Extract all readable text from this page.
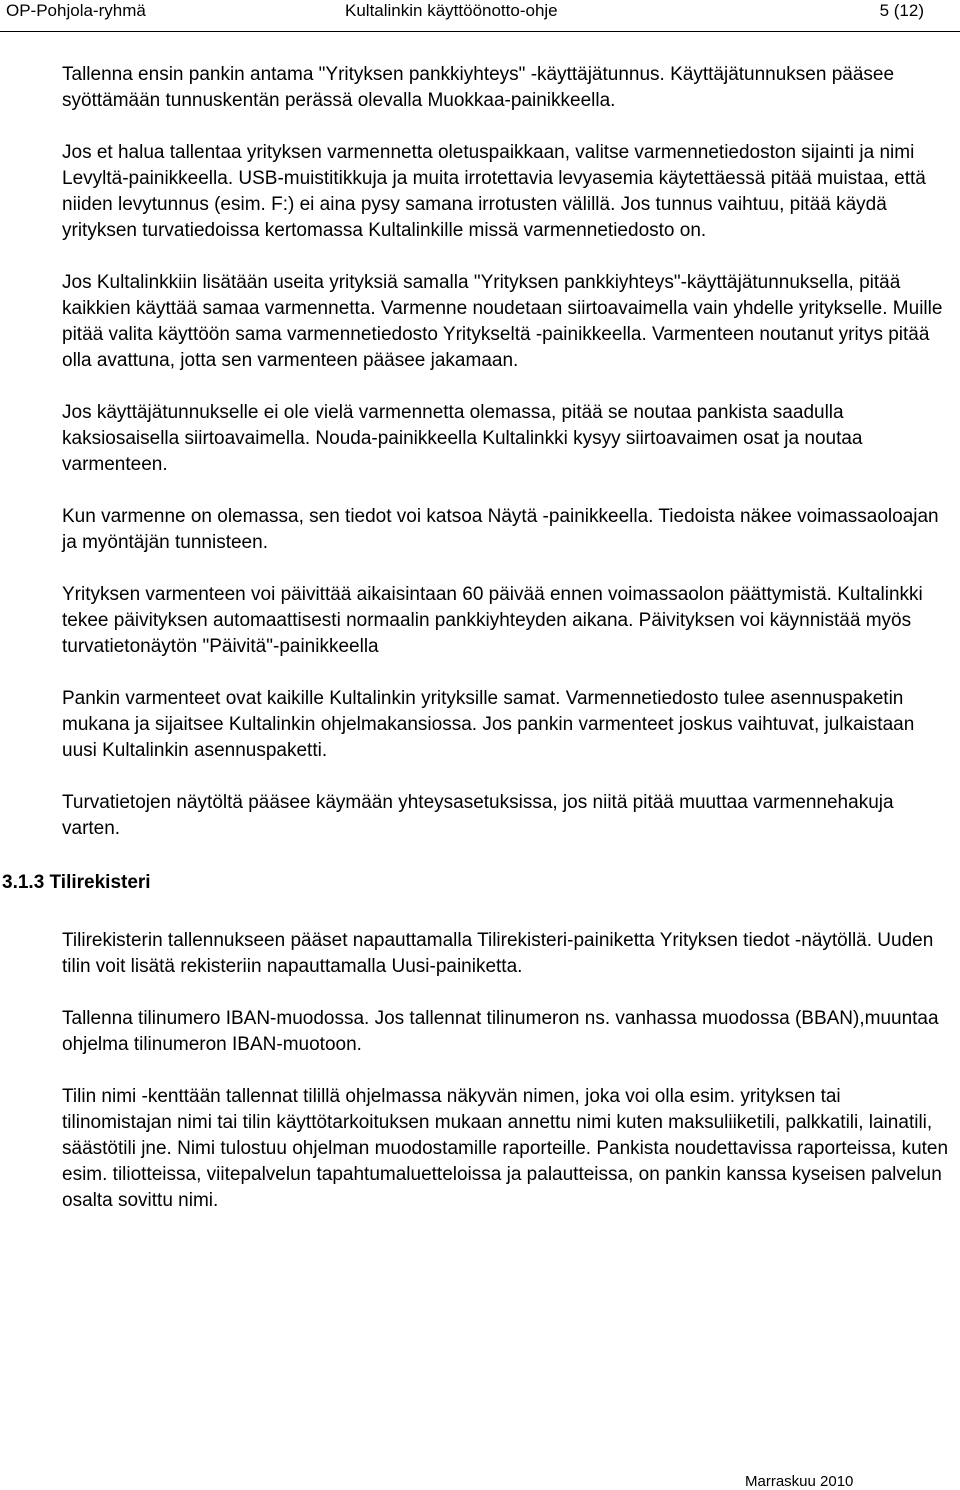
OP-Pohjola-ryhmä	Kultalinkin käyttöönotto-ohje	5 (12)

Tallenna ensin pankin antama "Yrityksen pankkiyhteys" -käyttäjätunnus. Käyttäjätunnuksen pääsee syöttämään tunnuskentän perässä olevalla Muokkaa-painikkeella.

Jos et halua tallentaa yrityksen varmennetta oletuspaikkaan, valitse varmennetiedoston sijainti ja nimi Levyltä-painikkeella. USB-muistitikkuja ja muita irrotettavia levyasemia käytettäessä pitää muistaa, että niiden levytunnus (esim. F:) ei aina pysy samana irrotusten välillä. Jos tunnus vaihtuu, pitää käydä yrityksen turvatiedoissa kertomassa Kultalinkille missä varmennetiedosto on.

Jos Kultalinkkiin lisätään useita yrityksiä samalla "Yrityksen pankkiyhteys"-käyttäjätunnuksella, pitää kaikkien käyttää samaa varmennetta. Varmenne noudetaan siirtoavaimella vain yhdelle yritykselle. Muille pitää valita käyttöön sama varmennetiedosto Yritykseltä -painikkeella. Varmenteen noutanut yritys pitää olla avattuna, jotta sen varmenteen pääsee jakamaan.

Jos käyttäjätunnukselle ei ole vielä varmennetta olemassa, pitää se noutaa pankista saadulla kaksiosaisella siirtoavaimella. Nouda-painikkeella Kultalinkki kysyy siirtoavaimen osat ja noutaa varmenteen.

Kun varmenne on olemassa, sen tiedot voi katsoa Näytä -painikkeella. Tiedoista näkee voimassaoloajan ja myöntäjän tunnisteen.

Yrityksen varmenteen voi päivittää aikaisintaan 60 päivää ennen voimassaolon päättymistä. Kultalinkki tekee päivityksen automaattisesti normaalin pankkiyhteyden aikana. Päivityksen voi käynnistää myös turvatietonäytön "Päivitä"-painikkeella

Pankin varmenteet ovat kaikille Kultalinkin yrityksille samat. Varmennetiedosto tulee asennuspaketin mukana ja sijaitsee Kultalinkin ohjelmakansiossa. Jos pankin varmenteet joskus vaihtuvat, julkaistaan uusi Kultalinkin asennuspaketti.

Turvatietojen näytöltä pääsee käymään yhteysasetuksissa, jos niitä pitää muuttaa varmennehakuja varten.

3.1.3 Tilirekisteri

Tilirekisterin tallennukseen pääset napauttamalla Tilirekisteri-painiketta Yrityksen tiedot -näytöllä. Uuden tilin voit lisätä rekisteriin napauttamalla Uusi-painiketta.

Tallenna tilinumero IBAN-muodossa. Jos tallennat tilinumeron ns. vanhassa muodossa (BBAN),muuntaa ohjelma tilinumeron IBAN-muotoon.

Tilin nimi -kenttään tallennat tilillä ohjelmassa näkyvän nimen, joka voi olla esim. yrityksen tai tilinomistajan nimi tai tilin käyttötarkoituksen mukaan annettu nimi kuten maksuliiketili, palkkatili, lainatili, säästötili jne. Nimi tulostuu ohjelman muodostamille raporteille. Pankista noudettavissa raporteissa, kuten esim. tiliotteissa, viitepalvelun tapahtumaluetteloissa ja palautteissa, on pankin kanssa kyseisen palvelun osalta sovittu nimi.

Marraskuu 2010
